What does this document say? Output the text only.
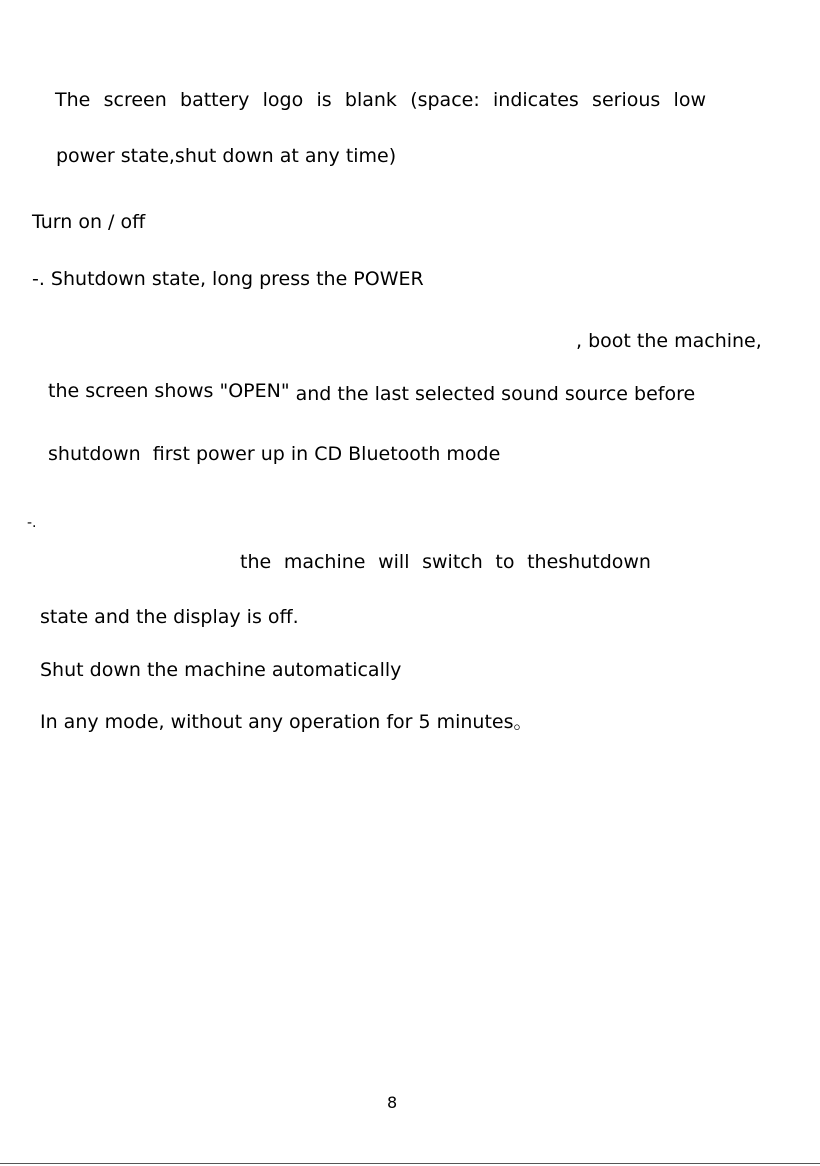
The screen battery logo is blank (space: indicates serious low
power state,shut down at any time)
Turn on / off
-. Shutdown state, long press the POWER
, boot the machine,
the screen shows "OPEN" and the last selected sound source before
shutdown  first power up in CD Bluetooth mode
-.
the machine will switch to theshutdown
state and the display is off.
Shut down the machine automatically
In any mode, without any operation for 5 minutes。
8
